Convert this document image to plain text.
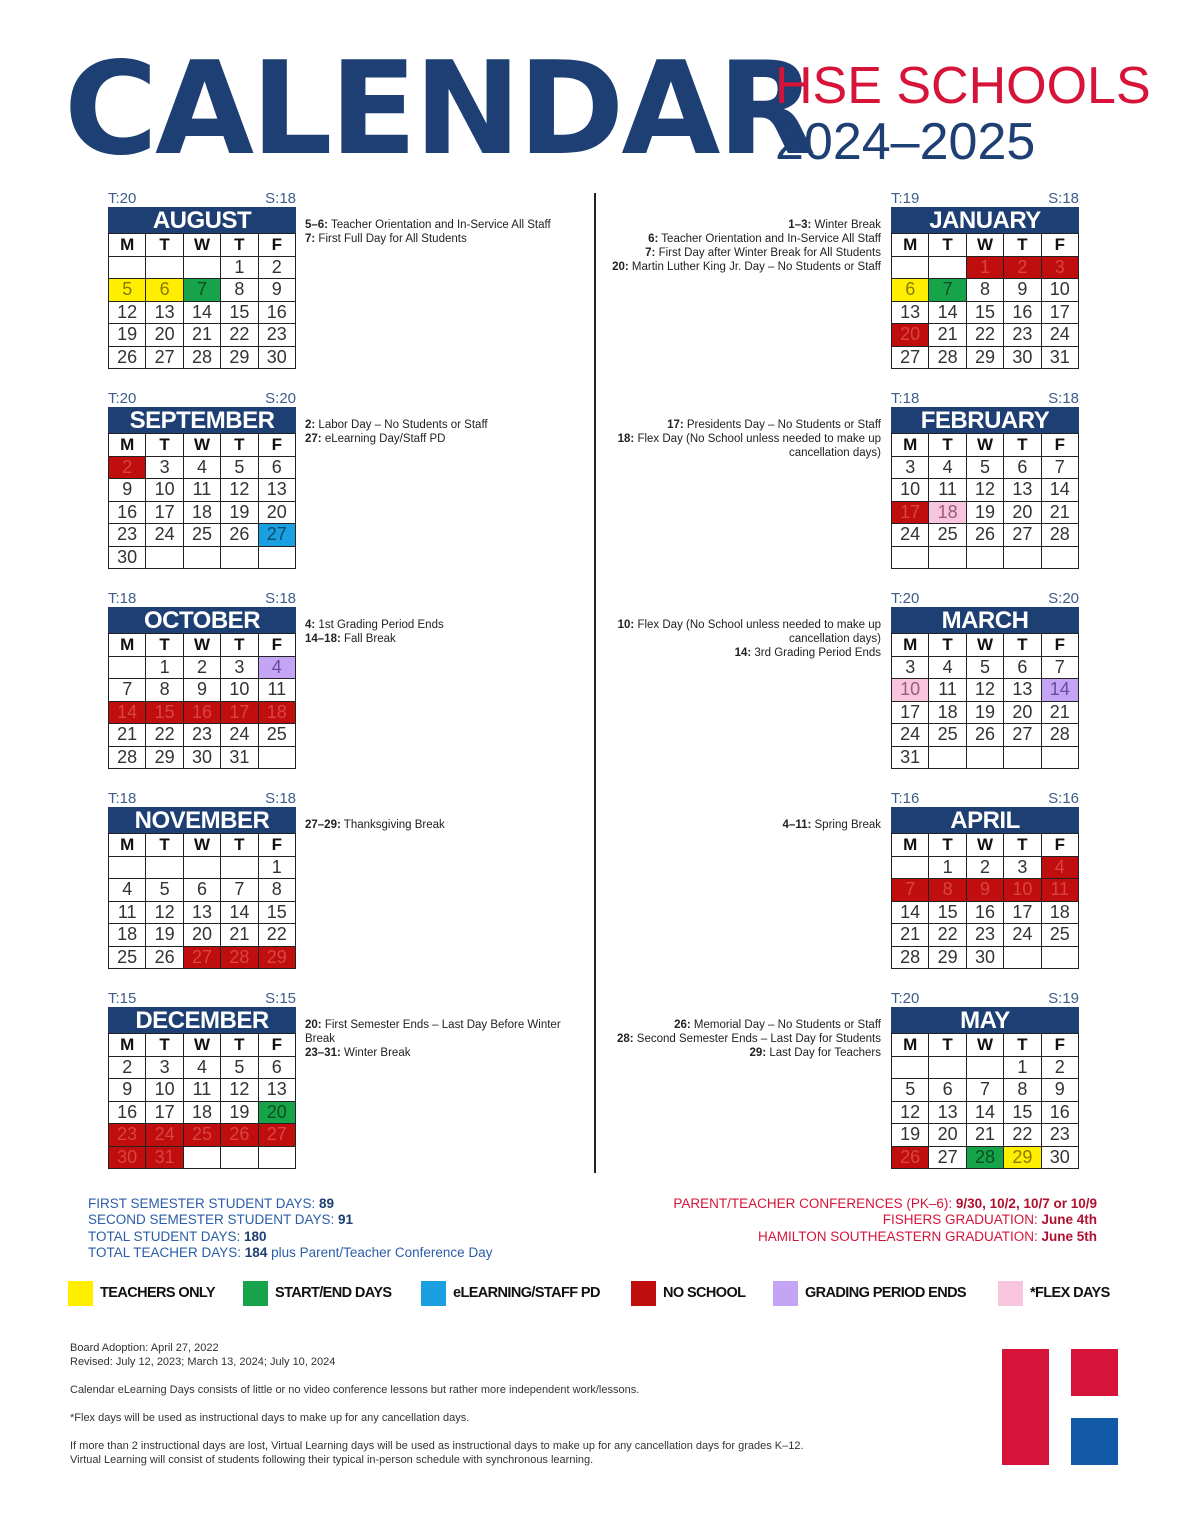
CALENDAR
HSE SCHOOLS
2024–2025
T:20	S:18
AUGUST
M	T	W	T	F
			1	2
5	6	7	8	9
12	13	14	15	16
19	20	21	22	23
26	27	28	29	30
5–6: Teacher Orientation and In-Service All Staff
7: First Full Day for All Students
T:20	S:20
SEPTEMBER
M	T	W	T	F
2	3	4	5	6
9	10	11	12	13
16	17	18	19	20
23	24	25	26	27
30				
2: Labor Day – No Students or Staff
27: eLearning Day/Staff PD
T:18	S:18
OCTOBER
M	T	W	T	F
	1	2	3	4
7	8	9	10	11
14	15	16	17	18
21	22	23	24	25
28	29	30	31	
4: 1st Grading Period Ends
14–18: Fall Break
T:18	S:18
NOVEMBER
M	T	W	T	F
				1
4	5	6	7	8
11	12	13	14	15
18	19	20	21	22
25	26	27	28	29
27–29: Thanksgiving Break
T:15	S:15
DECEMBER
M	T	W	T	F
2	3	4	5	6
9	10	11	12	13
16	17	18	19	20
23	24	25	26	27
30	31			
20: First Semester Ends – Last Day Before Winter Break
23–31: Winter Break
T:19	S:18
JANUARY
M	T	W	T	F
		1	2	3
6	7	8	9	10
13	14	15	16	17
20	21	22	23	24
27	28	29	30	31
1–3: Winter Break
6: Teacher Orientation and In-Service All Staff
7: First Day after Winter Break for All Students
20: Martin Luther King Jr. Day – No Students or Staff
T:18	S:18
FEBRUARY
M	T	W	T	F
3	4	5	6	7
10	11	12	13	14
17	18	19	20	21
24	25	26	27	28

17: Presidents Day – No Students or Staff
18: Flex Day (No School unless needed to make up cancellation days)
T:20	S:20
MARCH
M	T	W	T	F
3	4	5	6	7
10	11	12	13	14
17	18	19	20	21
24	25	26	27	28
31				
10: Flex Day (No School unless needed to make up cancellation days)
14: 3rd Grading Period Ends
T:16	S:16
APRIL
M	T	W	T	F
	1	2	3	4
7	8	9	10	11
14	15	16	17	18
21	22	23	24	25
28	29	30		
4–11: Spring Break
T:20	S:19
MAY
M	T	W	T	F
			1	2
5	6	7	8	9
12	13	14	15	16
19	20	21	22	23
26	27	28	29	30
26: Memorial Day – No Students or Staff
28: Second Semester Ends – Last Day for Students
29: Last Day for Teachers
FIRST SEMESTER STUDENT DAYS: 89
SECOND SEMESTER STUDENT DAYS: 91
TOTAL STUDENT DAYS: 180
TOTAL TEACHER DAYS: 184 plus Parent/Teacher Conference Day
PARENT/TEACHER CONFERENCES (PK–6): 9/30, 10/2, 10/7 or 10/9
FISHERS GRADUATION: June 4th
HAMILTON SOUTHEASTERN GRADUATION: June 5th
TEACHERS ONLY	START/END DAYS	eLEARNING/STAFF PD	NO SCHOOL	GRADING PERIOD ENDS	*FLEX DAYS
Board Adoption: April 27, 2022
Revised: July 12, 2023; March 13, 2024; July 10, 2024
Calendar eLearning Days consists of little or no video conference lessons but rather more independent work/lessons.
*Flex days will be used as instructional days to make up for any cancellation days.
If more than 2 instructional days are lost, Virtual Learning days will be used as instructional days to make up for any cancellation days for grades K–12.
Virtual Learning will consist of students following their typical in-person schedule with synchronous learning.
